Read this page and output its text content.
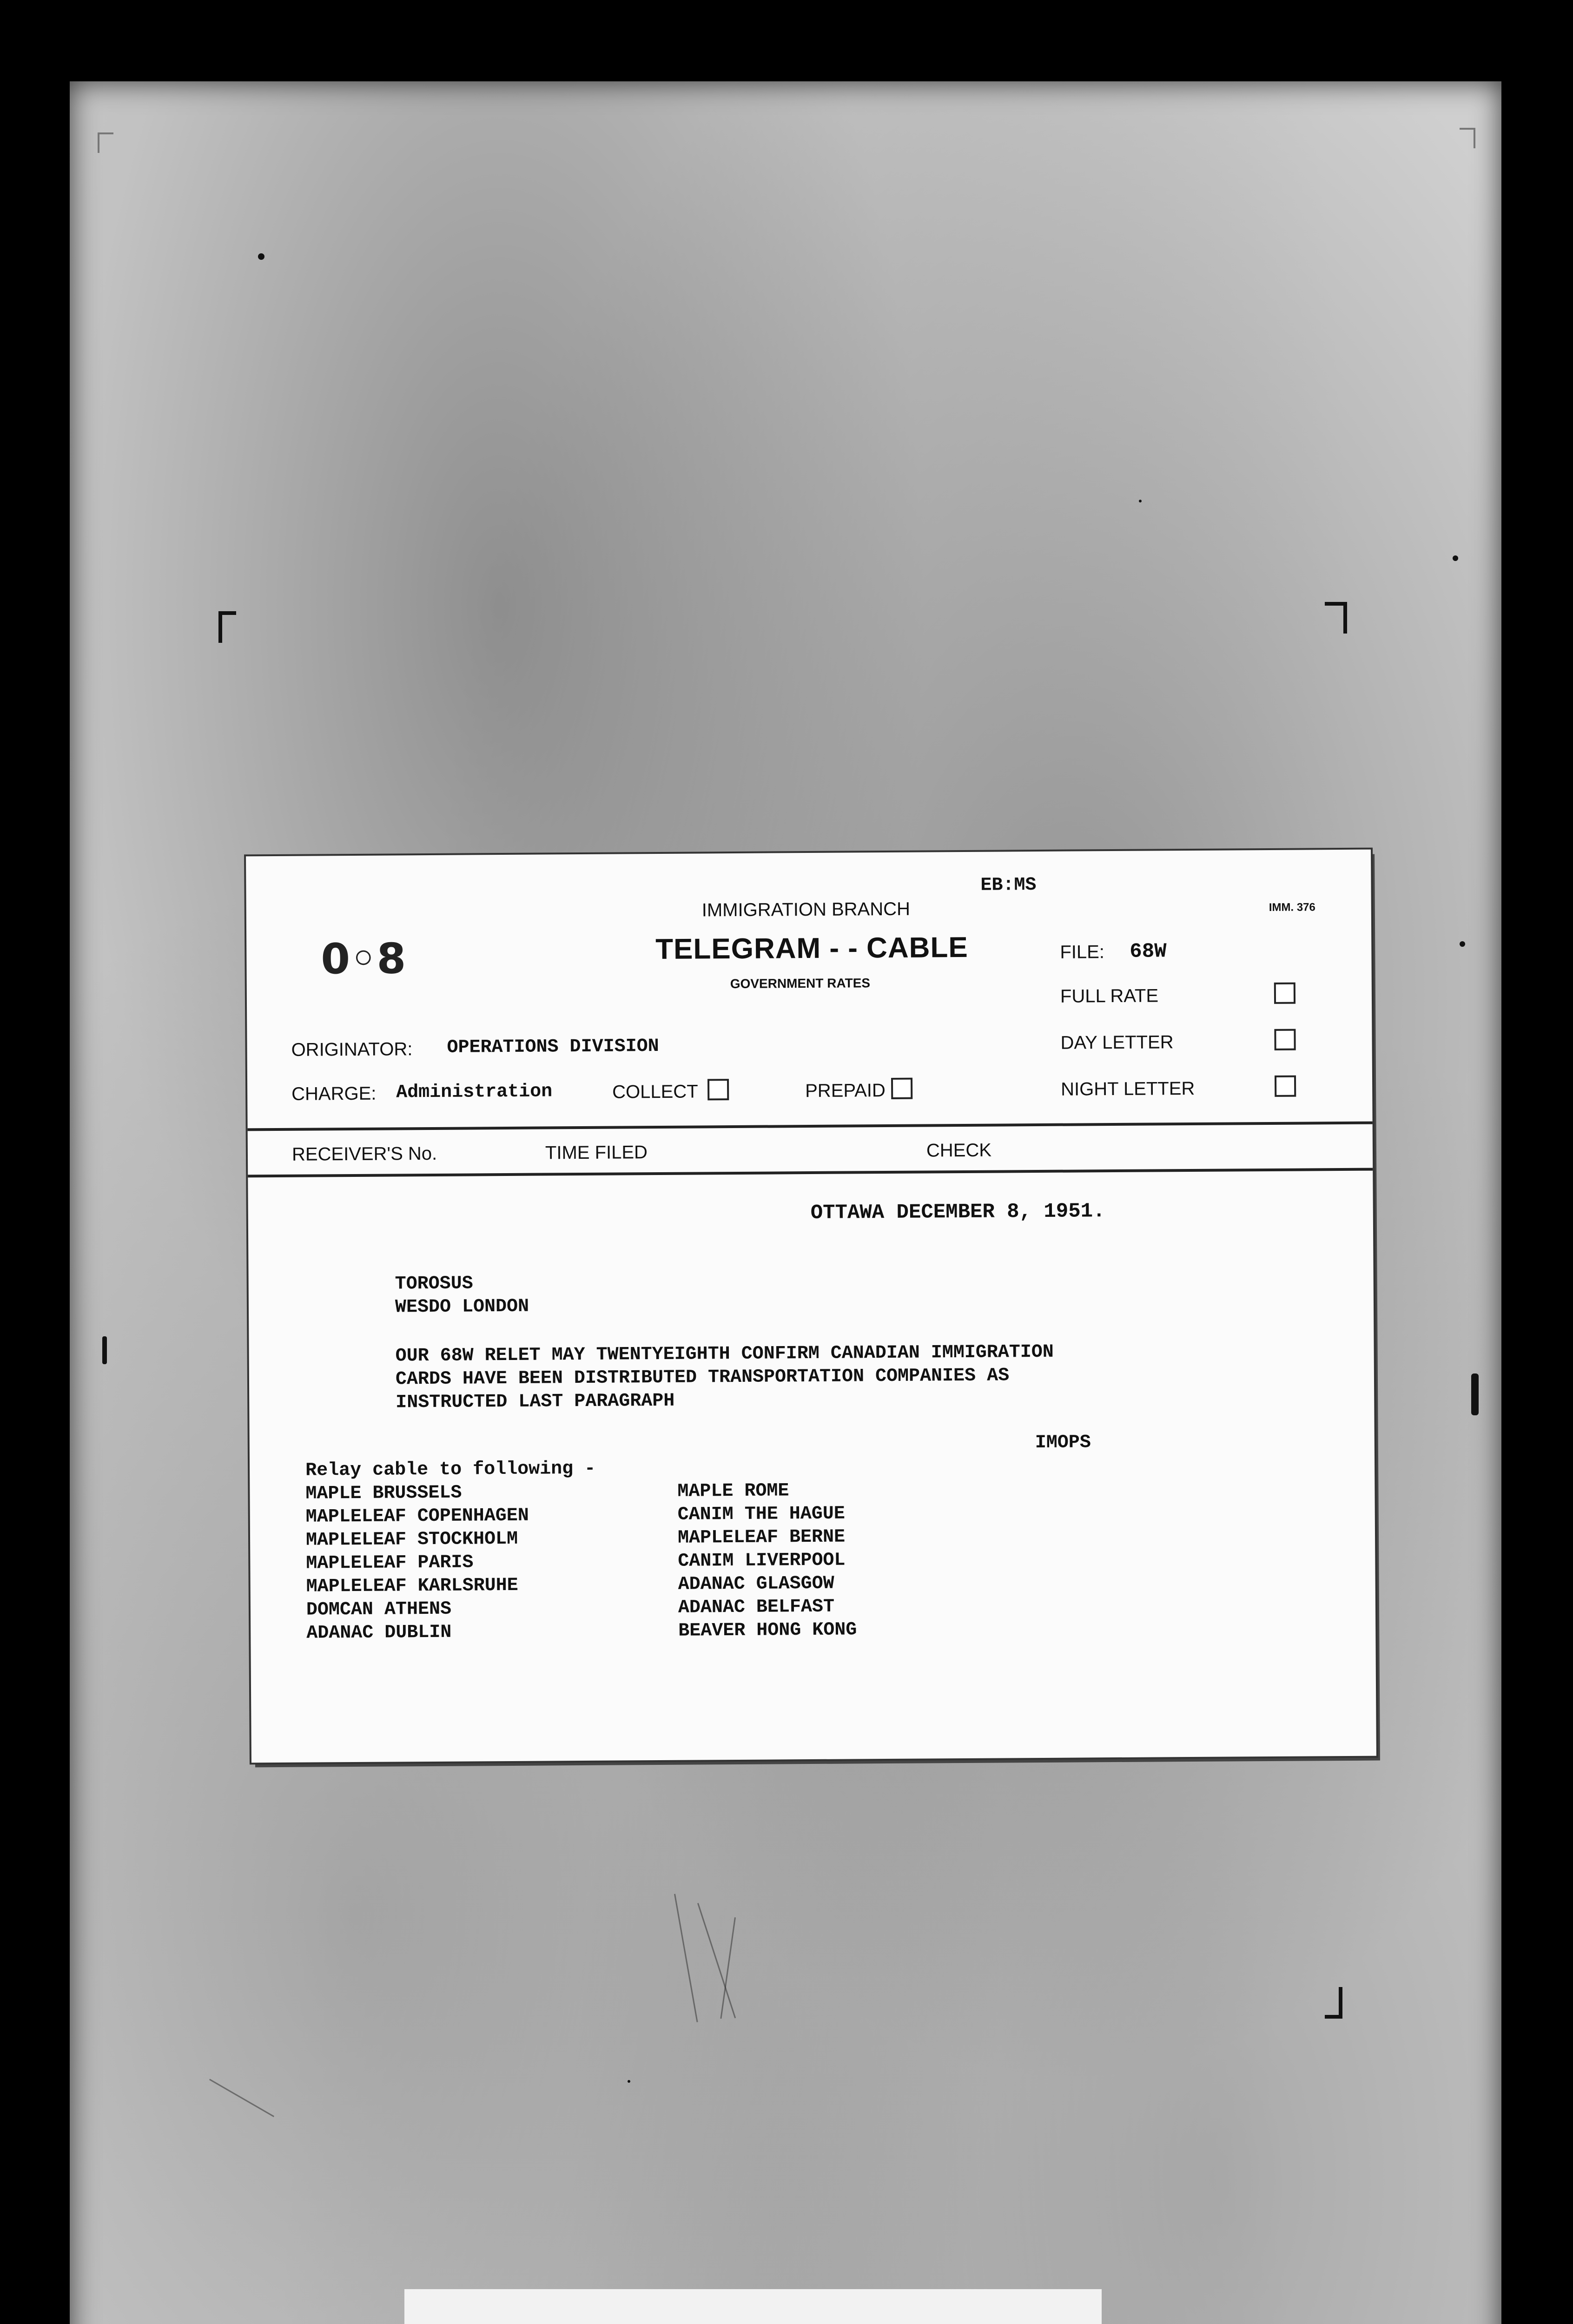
EB:MS
IMMIGRATION BRANCH	IMM. 376
0◦8	TELEGRAM - - CABLE
GOVERNMENT RATES
FILE: 68W
FULL RATE
DAY LETTER
NIGHT LETTER
ORIGINATOR: OPERATIONS DIVISION
CHARGE: Administration	COLLECT	PREPAID
RECEIVER'S No.	TIME FILED	CHECK
OTTAWA DECEMBER 8, 1951.
TOROSUS
WESDO LONDON
OUR 68W RELET MAY TWENTYEIGHTH CONFIRM CANADIAN IMMIGRATION
CARDS HAVE BEEN DISTRIBUTED TRANSPORTATION COMPANIES AS
INSTRUCTED LAST PARAGRAPH
IMOPS
Relay cable to following -
MAPLE BRUSSELS
MAPLELEAF COPENHAGEN
MAPLELEAF STOCKHOLM
MAPLELEAF PARIS
MAPLELEAF KARLSRUHE
DOMCAN ATHENS
ADANAC DUBLIN
MAPLE ROME
CANIM THE HAGUE
MAPLELEAF BERNE
CANIM LIVERPOOL
ADANAC GLASGOW
ADANAC BELFAST
BEAVER HONG KONG
